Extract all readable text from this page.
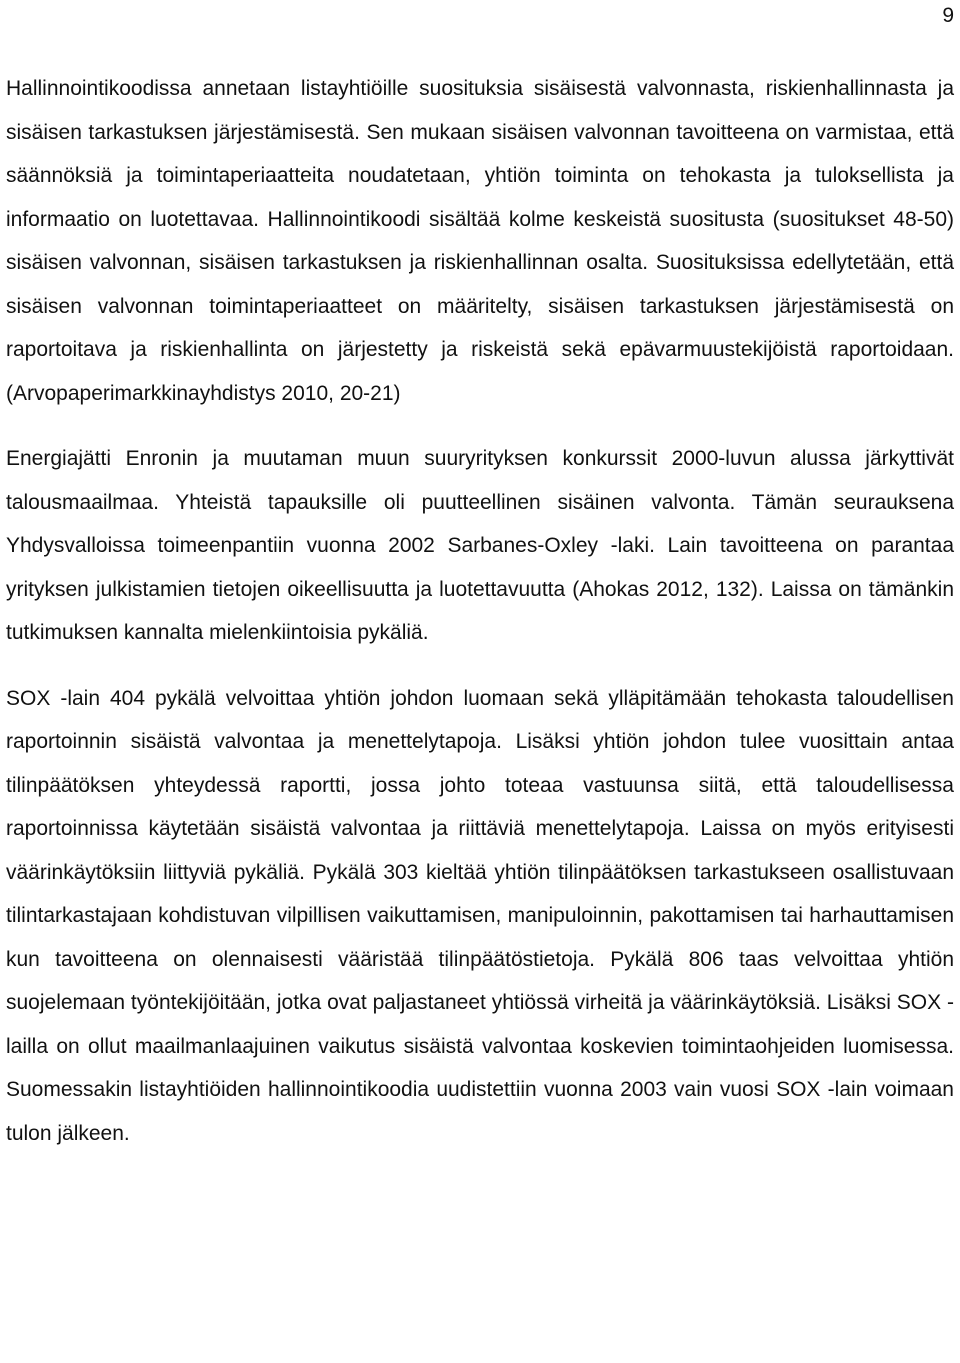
9

Hallinnointikoodissa annetaan listayhtiöille suosituksia sisäisestä valvonnasta, riskienhallinnasta ja sisäisen tarkastuksen järjestämisestä. Sen mukaan sisäisen valvonnan tavoitteena on varmistaa, että säännöksiä ja toimintaperiaatteita noudatetaan, yhtiön toiminta on tehokasta ja tuloksellista ja informaatio on luotettavaa. Hallinnointikoodi sisältää kolme keskeistä suositusta (suositukset 48-50) sisäisen valvonnan, sisäisen tarkastuksen ja riskienhallinnan osalta. Suosituksissa edellytetään, että sisäisen valvonnan toimintaperiaatteet on määritelty, sisäisen tarkastuksen järjestämisestä on raportoitava ja riskienhallinta on järjestetty ja riskeistä sekä epävarmuustekijöistä raportoidaan. (Arvopaperimarkkinayhdistys 2010, 20-21)

Energiajätti Enronin ja muutaman muun suuryrityksen konkurssit 2000-luvun alussa järkyttivät talousmaailmaa. Yhteistä tapauksille oli puutteellinen sisäinen valvonta. Tämän seurauksena Yhdysvalloissa toimeenpantiin vuonna 2002 Sarbanes-Oxley -laki. Lain tavoitteena on parantaa yrityksen julkistamien tietojen oikeellisuutta ja luotettavuutta (Ahokas 2012, 132). Laissa on tämänkin tutkimuksen kannalta mielenkiintoisia pykäliä.

SOX -lain 404 pykälä velvoittaa yhtiön johdon luomaan sekä ylläpitämään tehokasta taloudellisen raportoinnin sisäistä valvontaa ja menettelytapoja. Lisäksi yhtiön johdon tulee vuosittain antaa tilinpäätöksen yhteydessä raportti, jossa johto toteaa vastuunsa siitä, että taloudellisessa raportoinnissa käytetään sisäistä valvontaa ja riittäviä menettelytapoja. Laissa on myös erityisesti väärinkäytöksiin liittyviä pykäliä. Pykälä 303 kieltää yhtiön tilinpäätöksen tarkastukseen osallistuvaan tilintarkastajaan kohdistuvan vilpillisen vaikuttamisen, manipuloinnin, pakottamisen tai harhauttamisen kun tavoitteena on olennaisesti vääristää tilinpäätöstietoja. Pykälä 806 taas velvoittaa yhtiön suojelemaan työntekijöitään, jotka ovat paljastaneet yhtiössä virheitä ja väärinkäytöksiä. Lisäksi SOX -lailla on ollut maailmanlaajuinen vaikutus sisäistä valvontaa koskevien toimintaohjeiden luomisessa. Suomessakin listayhtiöiden hallinnointikoodia uudistettiin vuonna 2003 vain vuosi SOX -lain voimaan tulon jälkeen.
